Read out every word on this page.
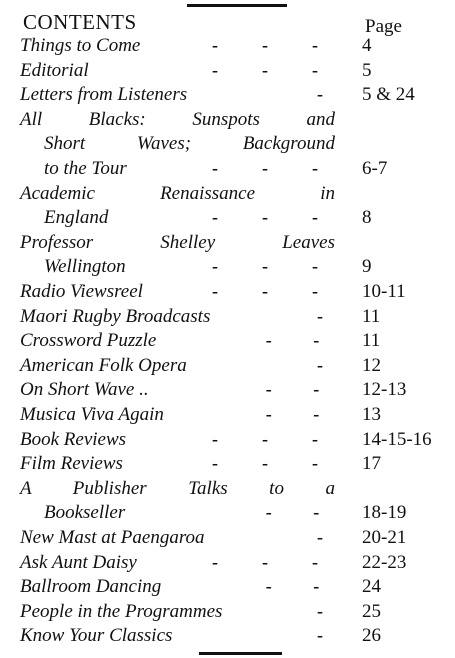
CONTENTS	Page
Things to Come	- - - 4
Editorial	- - - 5
Letters from Listeners	- 5 & 24
All Blacks: Sunspots and
Short Waves; Background
to the Tour	- - - 6-7
Academic Renaissance in
England	- - - 8
Professor Shelley Leaves
Wellington	- - - 9
Radio Viewsreel	- - - 10-11
Maori Rugby Broadcasts	- 11
Crossword Puzzle	- - 11
American Folk Opera	- 12
On Short Wave ..	- - 12-13
Musica Viva Again	- - 13
Book Reviews	- - - 14-15-16
Film Reviews	- - - 17
A Publisher Talks to a
Bookseller	- - 18-19
New Mast at Paengaroa	- 20-21
Ask Aunt Daisy	- - - 22-23
Ballroom Dancing	- - 24
People in the Programmes	- 25
Know Your Classics	- 26
